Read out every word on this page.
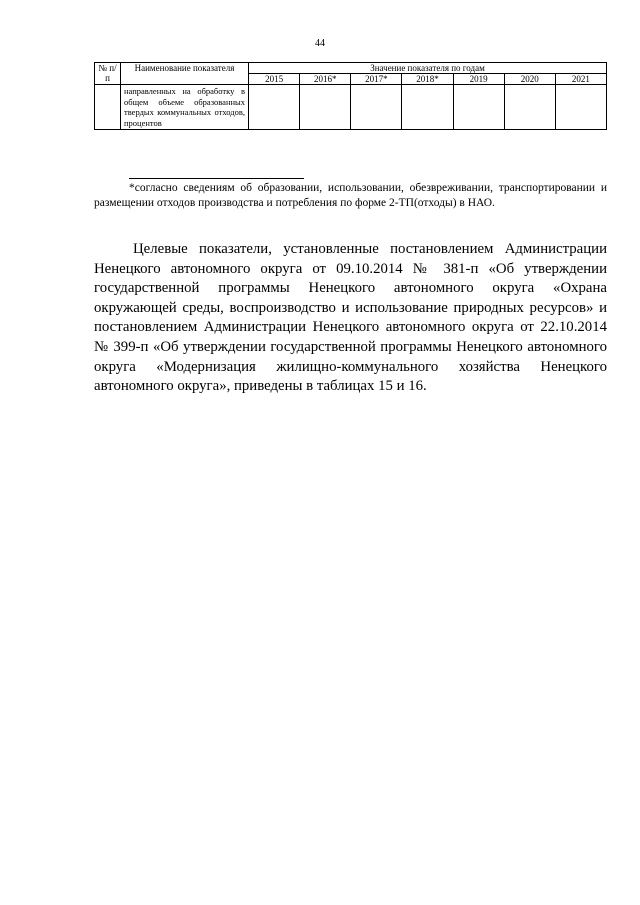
44
№ п/п	Наименование показателя	Значение показателя по годам						
		2015	2016*	2017*	2018*	2019	2020	2021
	направленных на обработку в общем объеме образованных твердых коммунальных отходов, процентов							
*согласно сведениям об образовании, использовании, обезвреживании, транспортировании и размещении отходов производства и потребления по форме 2-ТП(отходы) в НАО.
Целевые показатели, установленные постановлением Администрации Ненецкого автономного округа от 09.10.2014 № 381-п «Об утверждении государственной программы Ненецкого автономного округа «Охрана окружающей среды, воспроизводство и использование природных ресурсов» и постановлением Администрации Ненецкого автономного округа от 22.10.2014 № 399-п «Об утверждении государственной программы Ненецкого автономного округа «Модернизация жилищно-коммунального хозяйства Ненецкого автономного округа», приведены в таблицах 15 и 16.
